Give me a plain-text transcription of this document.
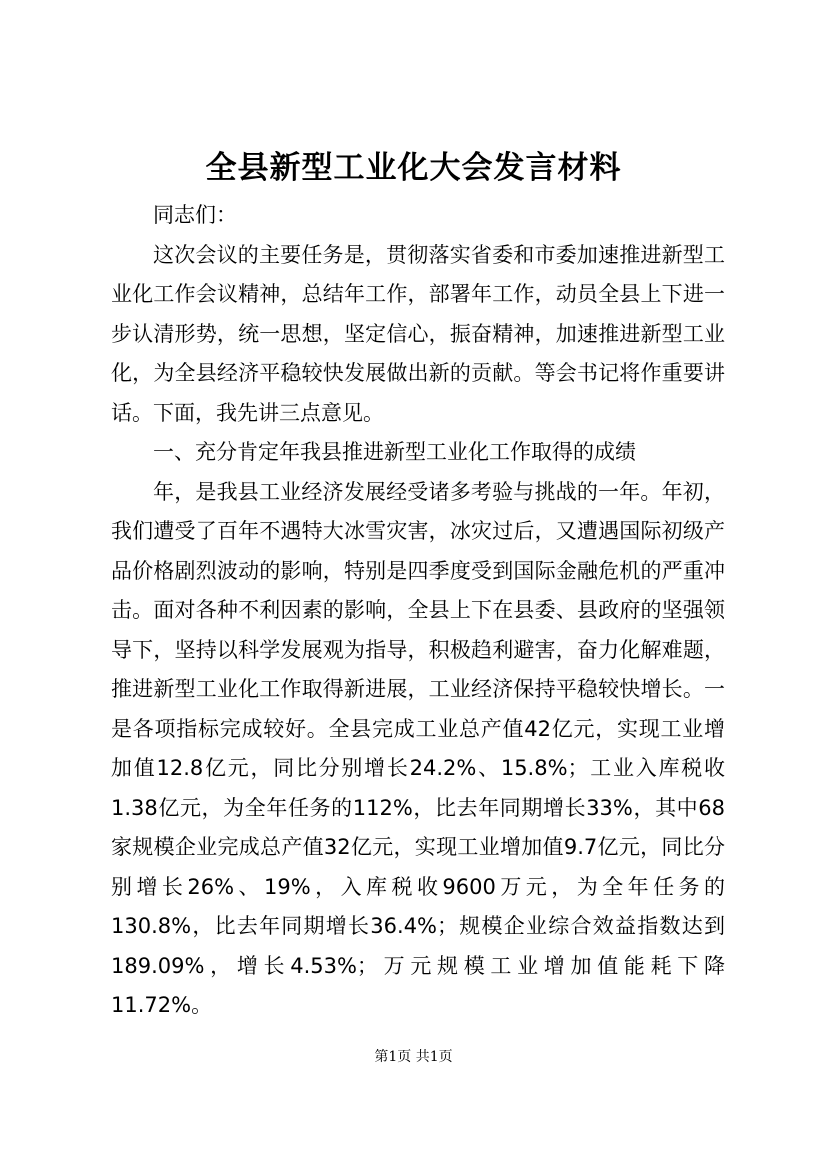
全县新型工业化大会发言材料

同志们：

这次会议的主要任务是，贯彻落实省委和市委加速推进新型工业化工作会议精神，总结年工作，部署年工作，动员全县上下进一步认清形势，统一思想，坚定信心，振奋精神，加速推进新型工业化，为全县经济平稳较快发展做出新的贡献。等会书记将作重要讲话。下面，我先讲三点意见。

一、充分肯定年我县推进新型工业化工作取得的成绩

年，是我县工业经济发展经受诸多考验与挑战的一年。年初，我们遭受了百年不遇特大冰雪灾害，冰灾过后，又遭遇国际初级产品价格剧烈波动的影响，特别是四季度受到国际金融危机的严重冲击。面对各种不利因素的影响，全县上下在县委、县政府的坚强领导下，坚持以科学发展观为指导，积极趋利避害，奋力化解难题，推进新型工业化工作取得新进展，工业经济保持平稳较快增长。一是各项指标完成较好。全县完成工业总产值42亿元，实现工业增加值12.8亿元，同比分别增长24.2%、15.8%；工业入库税收1.38亿元，为全年任务的112%，比去年同期增长33%，其中68家规模企业完成总产值32亿元，实现工业增加值9.7亿元，同比分别增长26%、19%，入库税收9600万元，为全年任务的130.8%，比去年同期增长36.4%；规模企业综合效益指数达到189.09%，增长4.53%；万元规模工业增加值能耗下降11.72%。

第1页 共1页
